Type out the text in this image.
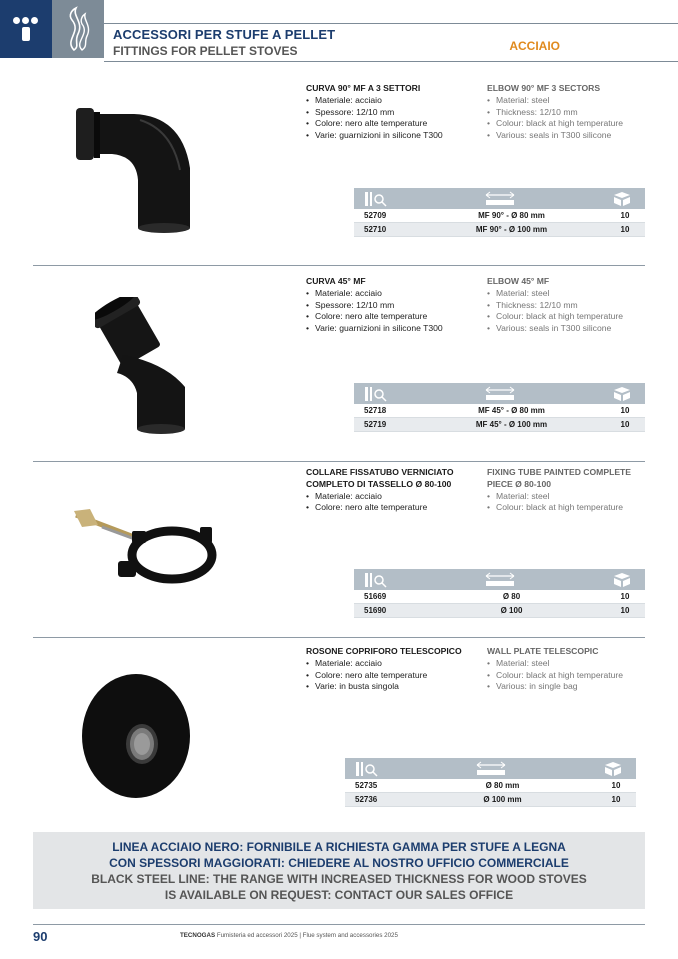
ACCESSORI PER STUFE A PELLET
FITTINGS FOR PELLET STOVES	ACCIAIO
CURVA 90° MF A 3 SETTORI
• Materiale: acciaio
• Spessore: 12/10 mm
• Colore: nero alte temperature
• Varie: guarnizioni in silicone T300
ELBOW 90° MF 3 SECTORS
• Material: steel
• Thickness: 12/10 mm
• Colour: black at high temperature
• Various: seals in T300 silicone
52709	MF 90° - Ø 80 mm	10
52710	MF 90° - Ø 100 mm	10
CURVA 45° MF
• Materiale: acciaio
• Spessore: 12/10 mm
• Colore: nero alte temperature
• Varie: guarnizioni in silicone T300
ELBOW 45° MF
• Material: steel
• Thickness: 12/10 mm
• Colour: black at high temperature
• Various: seals in T300 silicone
52718	MF 45° - Ø 80 mm	10
52719	MF 45° - Ø 100 mm	10
COLLARE FISSATUBO VERNICIATO
COMPLETO DI TASSELLO Ø 80-100
• Materiale: acciaio
• Colore: nero alte temperature
FIXING TUBE PAINTED COMPLETE
PIECE Ø 80-100
• Material: steel
• Colour: black at high temperature
51669	Ø 80	10
51690	Ø 100	10
ROSONE COPRIFORO TELESCOPICO
• Materiale: acciaio
• Colore: nero alte temperature
• Varie: in busta singola
WALL PLATE TELESCOPIC
• Material: steel
• Colour: black at high temperature
• Various: in single bag
52735	Ø 80 mm	10
52736	Ø 100 mm	10
LINEA ACCIAIO NERO: FORNIBILE A RICHIESTA GAMMA PER STUFE A LEGNA
CON SPESSORI MAGGIORATI: CHIEDERE AL NOSTRO UFFICIO COMMERCIALE
BLACK STEEL LINE: THE RANGE WITH INCREASED THICKNESS FOR WOOD STOVES
IS AVAILABLE ON REQUEST: CONTACT OUR SALES OFFICE
90	TECNOGAS Fumisteria ed accessori 2025 | Flue system and accessories 2025
